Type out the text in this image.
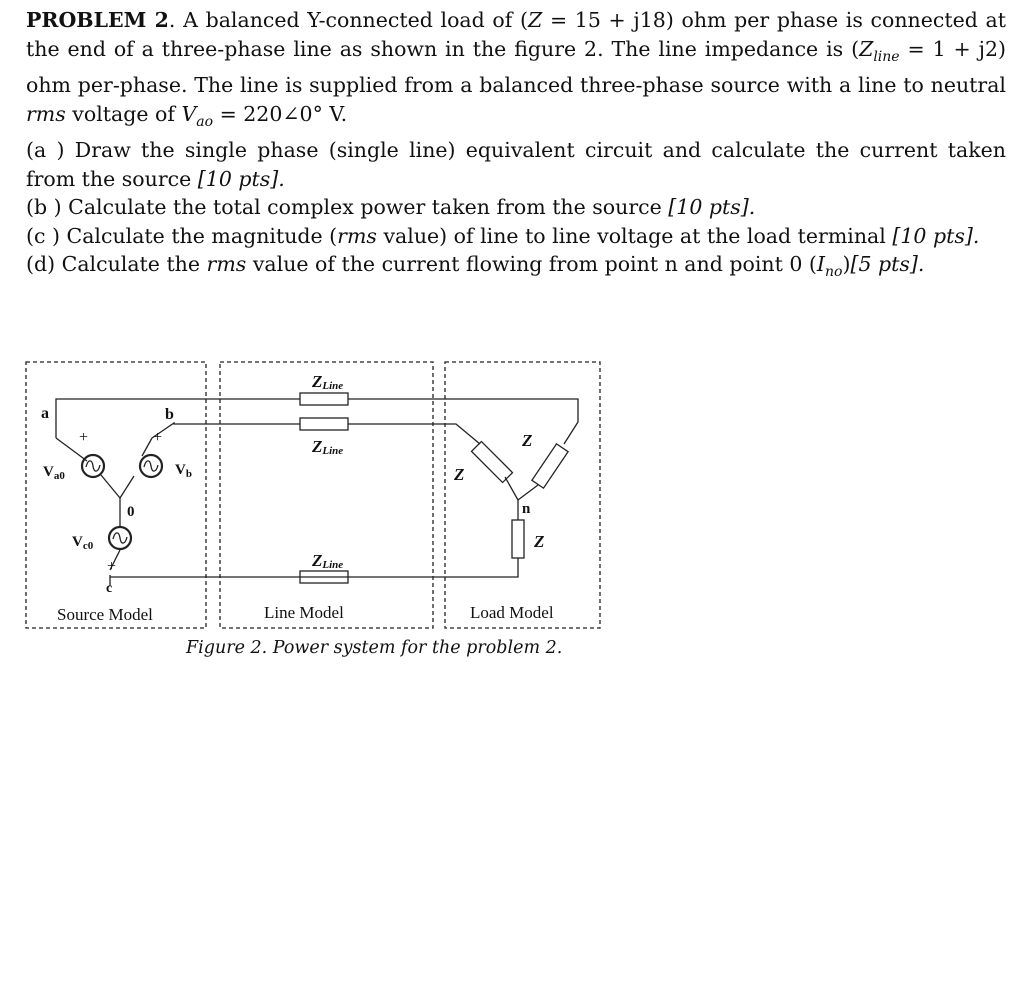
PROBLEM 2. A balanced Y-connected load of (Z = 15 + j18) ohm per phase is connected at the end of a three-phase line as shown in the figure 2. The line impedance is $(Z_{line} = 1 + j2)$ ohm per-phase. The line is supplied from a balanced three-phase source with a line to neutral rms voltage of $V_{ao}$ = 220∠0° V.

(a ) Draw the single phase (single line) equivalent circuit and calculate the current taken from the source [10 pts].

(b ) Calculate the total complex power taken from the source [10 pts].

(c ) Calculate the magnitude (rms value) of line to line voltage at the load terminal [10 pts].

(d) Calculate the rms value of the current flowing from point n and point 0 $(I_{no})[5$ pts].

a	b
0
c
n
+	+
+
$V_{a0}$	$V_b$
$V_{c0}$
ZLine
ZLine
ZLine
Z
Z
Z
Source Model	Line Model	Load Model
Figure 2. Power system for the problem 2.
